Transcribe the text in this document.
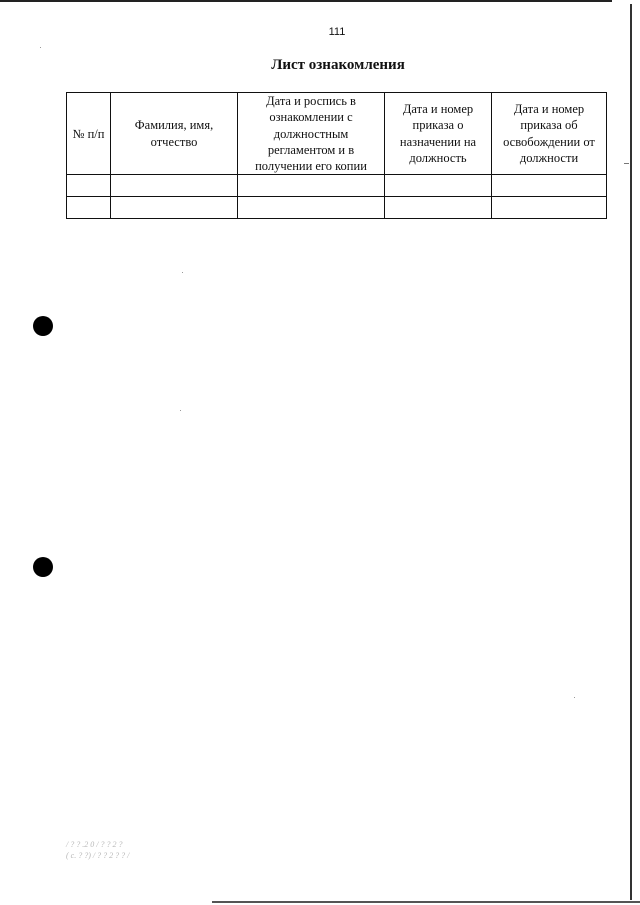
111
Лист ознакомления
№ п/п	Фамилия, имя, отчество	Дата и роспись в ознакомлении с должностным регламентом и в получении его копии	Дата и номер приказа о назначении на должность	Дата и номер приказа об освобождении от должности

/ ? ? .2 0 / ? ? 2 ?
( с. ? ?) / ? ? 2 ? ? /
